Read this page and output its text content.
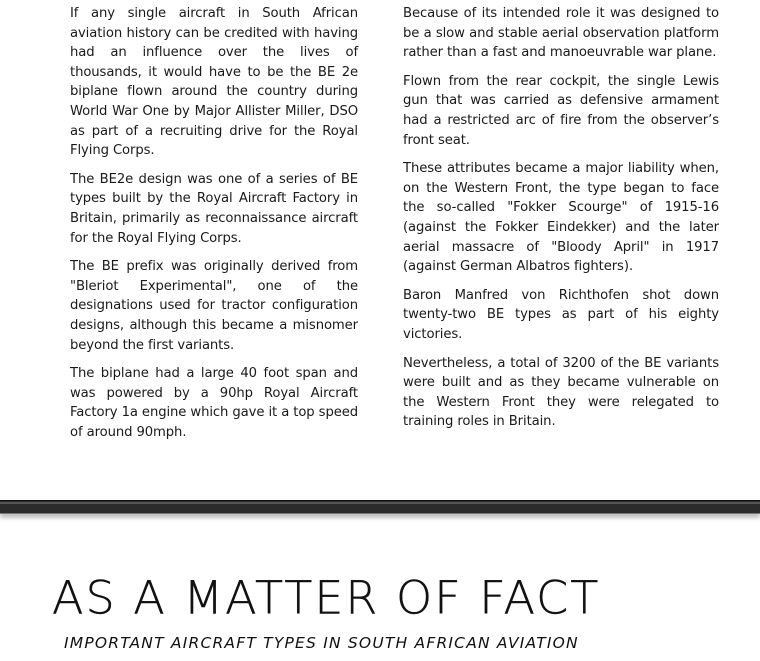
If any single aircraft in South African aviation history can be credited with having had an influence over the lives of thousands, it would have to be the BE 2e biplane flown around the country during World War One by Major Allister Miller, DSO as part of a recruiting drive for the Royal Flying Corps.

The BE2e design was one of a series of BE types built by the Royal Aircraft Factory in Britain, primarily as reconnaissance aircraft for the Royal Flying Corps.

The BE prefix was originally derived from "Bleriot Experimental", one of the designations used for tractor configuration designs, although this became a misnomer beyond the first variants.

The biplane had a large 40 foot span and was powered by a 90hp Royal Aircraft Factory 1a engine which gave it a top speed of around 90mph.

Because of its intended role it was designed to be a slow and stable aerial observation platform rather than a fast and manoeuvrable war plane.

Flown from the rear cockpit, the single Lewis gun that was carried as defensive armament had a restricted arc of fire from the observer’s front seat.

These attributes became a major liability when, on the Western Front, the type began to face the so-called "Fokker Scourge" of 1915-16 (against the Fokker Eindekker) and the later aerial massacre of "Bloody April" in 1917 (against German Albatros fighters).

Baron Manfred von Richthofen shot down twenty-two BE types as part of his eighty victories.

Nevertheless, a total of 3200 of the BE variants were built and as they became vulnerable on the Western Front they were relegated to training roles in Britain.

AS A MATTER OF FACT
IMPORTANT AIRCRAFT TYPES IN SOUTH AFRICAN AVIATION
